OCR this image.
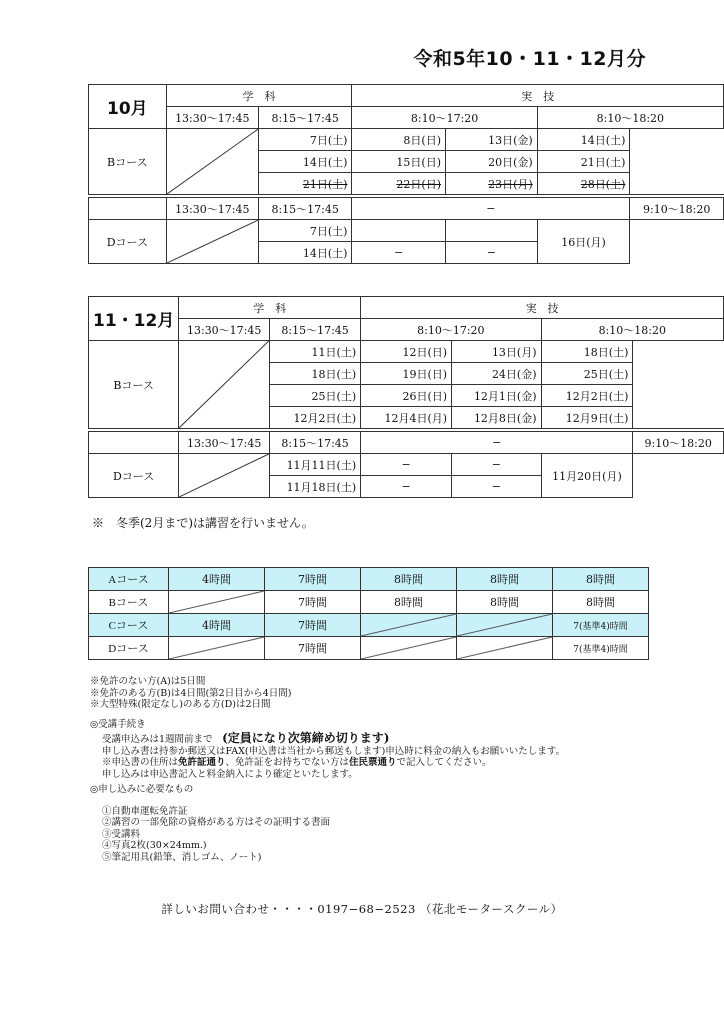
令和5年10・11・12月分
10月	学　科		実　技			
	13:30〜17:45	8:15〜17:45	8:10〜17:20		8:10〜18:20	
Bコース		7日(土)	8日(日)	13日(金)	14日(土)	
		14日(土)	15日(日)	20日(金)	21日(土)	
		21日(土)	22日(日)	23日(月)	28日(土)	

	13:30〜17:45	8:15〜17:45	−			9:10〜18:20
Dコース		7日(土)			16日(月)	
		14日(土)	−	−		
11・12月	学　科		実　技			
	13:30〜17:45	8:15〜17:45	8:10〜17:20		8:10〜18:20	
Bコース		11日(土)	12日(日)	13日(月)	18日(土)	
		18日(土)	19日(日)	24日(金)	25日(土)	
		25日(土)	26日(日)	12月1日(金)	12月2日(土)	
		12月2日(土)	12月4日(月)	12月8日(金)	12月9日(土)	

	13:30〜17:45	8:15〜17:45	−			9:10〜18:20
Dコース		11月11日(土)	−	−	11月20日(月)	
		11月18日(土)	−	−		
※　冬季(2月まで)は講習を行いません。
Aコース	4時間	7時間	8時間	8時間	8時間
Bコース		7時間	8時間	8時間	8時間
Cコース	4時間	7時間			7(基準4)時間
Dコース		7時間			7(基準4)時間
※免許のない方(A)は5日間
※免許のある方(B)は4日間(第2日目から4日間)
※大型特殊(限定なし)のある方(D)は2日間
◎受講手続き
受講申込みは1週間前まで　 (定員になり次第締め切ります)
申し込み書は持参か郵送又はFAX(申込書は当社から郵送もします)申込時に料金の納入もお願いいたします。
※申込書の住所は免許証通り、免許証をお持ちでない方は住民票通りで記入してください。
申し込みは申込書記入と料金納入により確定といたします。
◎申し込みに必要なもの
①自動車運転免許証
②講習の一部免除の資格がある方はその証明する書面
③受講料
④写真2枚(30×24mm.)
⑤筆記用具(鉛筆、消しゴム、ノート)
詳しいお問い合わせ・・・・0197−68−2523 （花北モータースクール）
